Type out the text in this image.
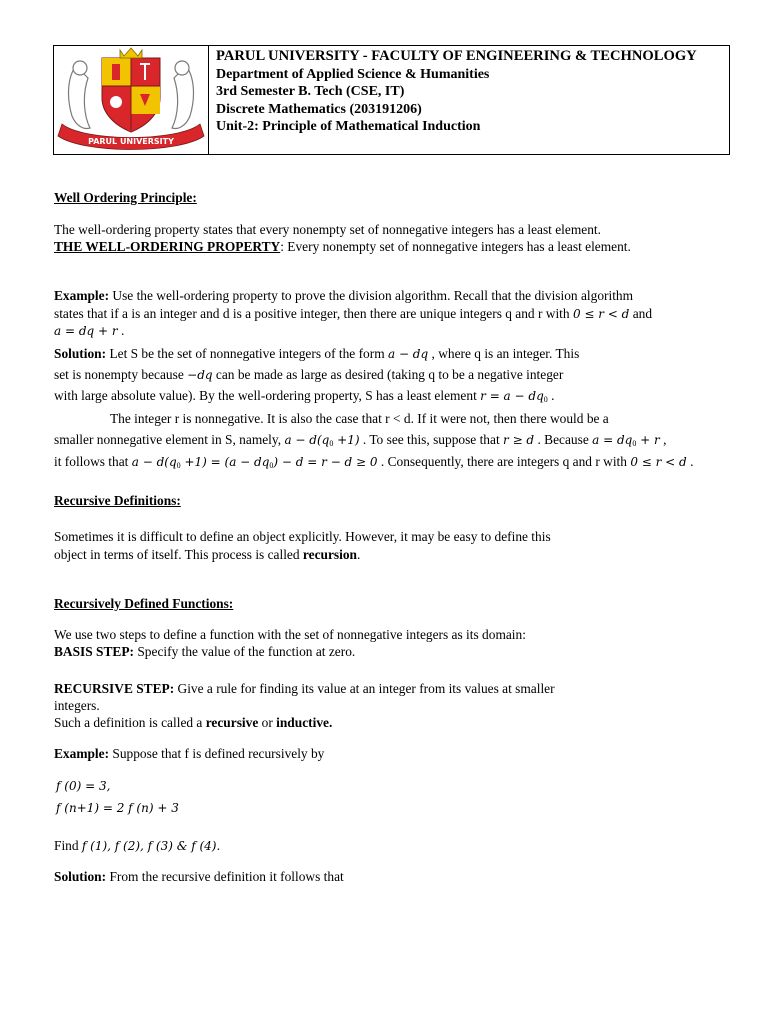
PARUL UNIVERSITY
PARUL UNIVERSITY - FACULTY OF ENGINEERING & TECHNOLOGY
Department of Applied Science & Humanities
3rd Semester B. Tech (CSE, IT)
Discrete Mathematics (203191206)
Unit-2: Principle of Mathematical Induction
Well Ordering Principle:
The well-ordering property states that every nonempty set of nonnegative integers has a least element.
THE WELL-ORDERING PROPERTY: Every nonempty set of nonnegative integers has a least element.
Example: Use the well-ordering property to prove the division algorithm. Recall that the division algorithm
states that if a is an integer and d is a positive integer, then there are unique integers q and r with 0 ≤ r < d and
a = dq + r .
Solution: Let S be the set of nonnegative integers of the form a − dq , where q is an integer. This
set is nonempty because −dq can be made as large as desired (taking q to be a negative integer
with large absolute value). By the well-ordering property, S has a least element $r = a - dq_0$ .
The integer r is nonnegative. It is also the case that r < d. If it were not, then there would be a
smaller nonnegative element in S, namely, $a - d(q_0 +1)$ . To see this, suppose that r ≥ d . Because $a = dq_0 + r$ ,
it follows that $a - d(q_0 +1) = (a - dq_0) - d = r - d \ge 0$ . Consequently, there are integers q and r with 0 ≤ r < d .
Recursive Definitions:
Sometimes it is difficult to define an object explicitly. However, it may be easy to define this
object in terms of itself. This process is called recursion.
Recursively Defined Functions:
We use two steps to define a function with the set of nonnegative integers as its domain:
BASIS STEP: Specify the value of the function at zero.
RECURSIVE STEP: Give a rule for finding its value at an integer from its values at smaller
integers.
Such a definition is called a recursive or inductive.
Example: Suppose that f is defined recursively by
f (0) = 3,
f (n+1) = 2 f (n) + 3
Find f (1), f (2), f (3) & f (4).
Solution: From the recursive definition it follows that
